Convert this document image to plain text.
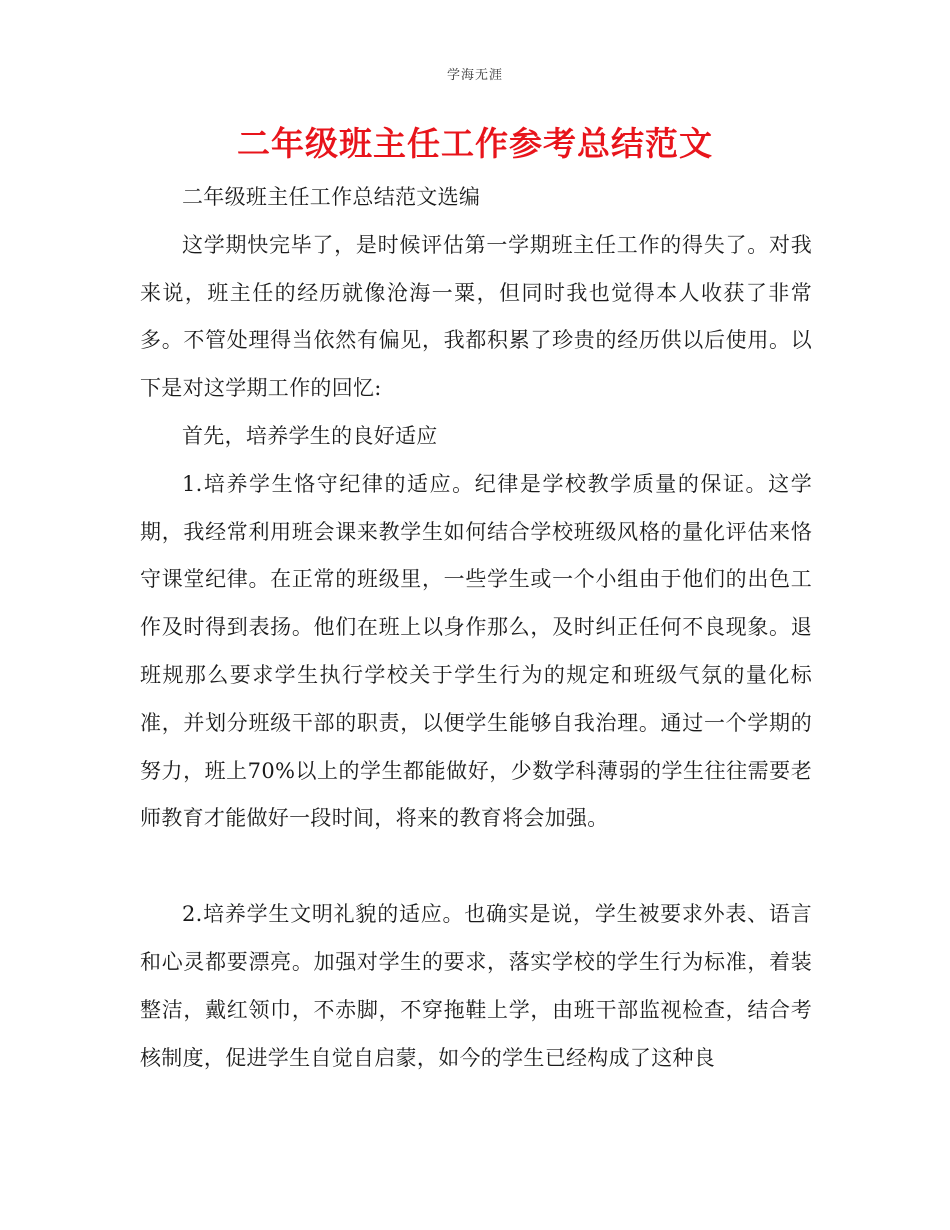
学海无涯
二年级班主任工作参考总结范文

二年级班主任工作总结范文选编

这学期快完毕了，是时候评估第一学期班主任工作的得失了。对我来说，班主任的经历就像沧海一粟，但同时我也觉得本人收获了非常多。不管处理得当依然有偏见，我都积累了珍贵的经历供以后使用。以下是对这学期工作的回忆:

首先，培养学生的良好适应

1.培养学生恪守纪律的适应。纪律是学校教学质量的保证。这学期，我经常利用班会课来教学生如何结合学校班级风格的量化评估来恪守课堂纪律。在正常的班级里，一些学生或一个小组由于他们的出色工作及时得到表扬。他们在班上以身作那么，及时纠正任何不良现象。退班规那么要求学生执行学校关于学生行为的规定和班级气氛的量化标准，并划分班级干部的职责，以便学生能够自我治理。通过一个学期的努力，班上70%以上的学生都能做好，少数学科薄弱的学生往往需要老师教育才能做好一段时间，将来的教育将会加强。

2.培养学生文明礼貌的适应。也确实是说，学生被要求外表、语言和心灵都要漂亮。加强对学生的要求，落实学校的学生行为标准，着装整洁，戴红领巾，不赤脚，不穿拖鞋上学，由班干部监视检查，结合考核制度，促进学生自觉自启蒙，如今的学生已经构成了这种良
